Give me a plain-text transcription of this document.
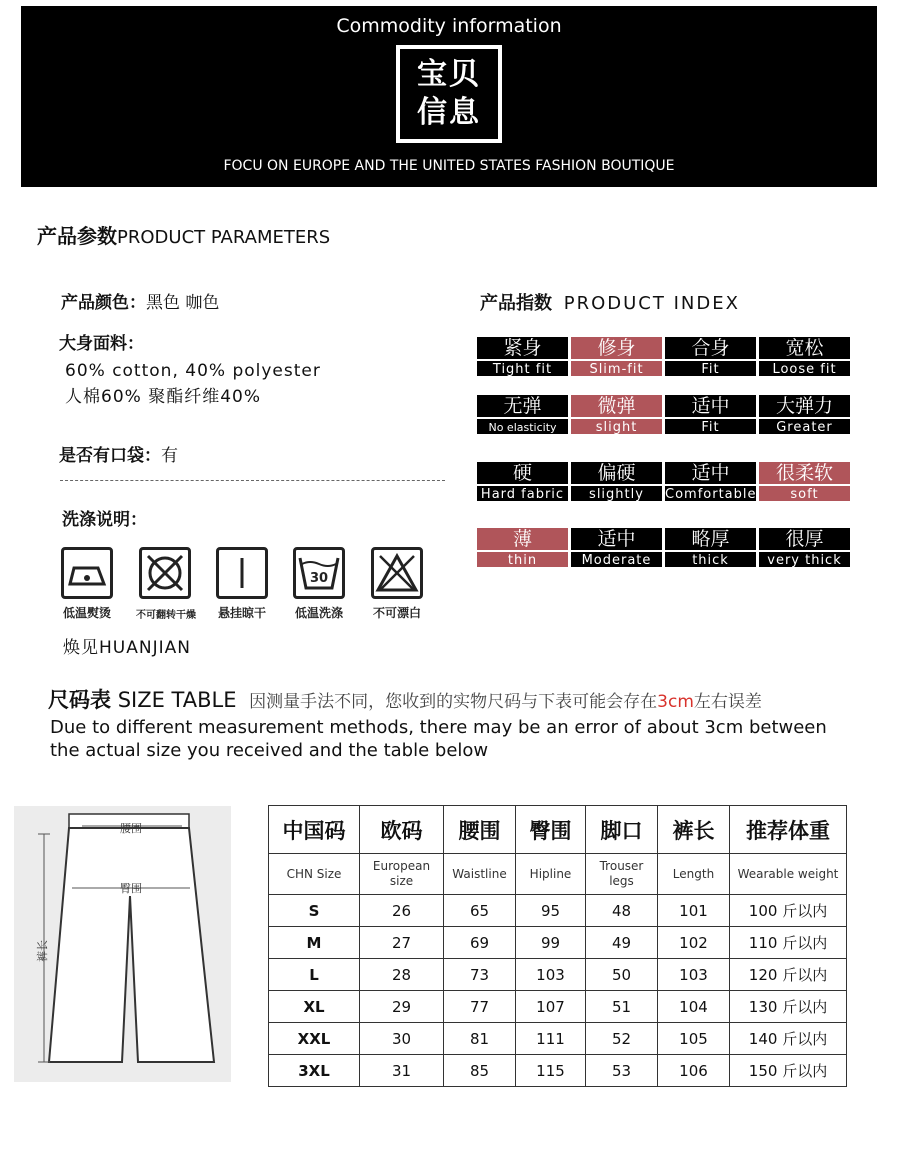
Commodity information
宝贝
信息
FOCU ON EUROPE AND THE UNITED STATES FASHION BOUTIQUE
产品参数PRODUCT PARAMETERS
产品颜色：黑色 咖色
大身面料：
60% cotton, 40% polyester
人棉60% 聚酯纤维40%
是否有口袋：有
洗涤说明：
30
低温熨烫	不可翻转干燥	悬挂晾干	低温洗涤	不可漂白
焕见HUANJIAN
产品指数 PRODUCT INDEX
紧身
Tight fit
修身
Slim-fit
合身
Fit
宽松
Loose fit
无弹
No elasticity
微弹
slight
适中
Fit
大弹力
Greater
硬
Hard fabric
偏硬
slightly
适中
Comfortable
很柔软
soft
薄
thin
适中
Moderate
略厚
thick
很厚
very thick
尺码表 SIZE TABLE 因测量手法不同，您收到的实物尺码与下表可能会存在3cm左右误差
Due to different measurement methods, there may be an error of about 3cm between the actual size you received and the table below
腰围
臀围
裤长
中国码	欧码	腰围	臀围	脚口	裤长	推荐体重
CHN Size	European size	Waistline	Hipline	Trouser legs	Length	Wearable weight
S	26	65	95	48	101	100 斤以内
M	27	69	99	49	102	110 斤以内
L	28	73	103	50	103	120 斤以内
XL	29	77	107	51	104	130 斤以内
XXL	30	81	111	52	105	140 斤以内
3XL	31	85	115	53	106	150 斤以内
